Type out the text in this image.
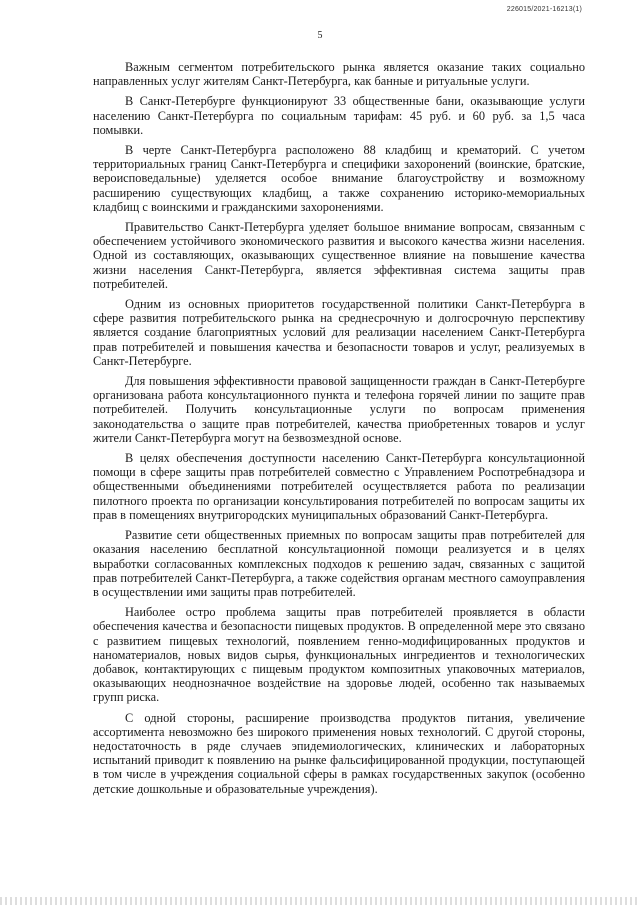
226015/2021-16213(1)
5

Важным сегментом потребительского рынка является оказание таких социально направленных услуг жителям Санкт-Петербурга, как банные и ритуальные услуги.

В Санкт-Петербурге функционируют 33 общественные бани, оказывающие услуги населению Санкт-Петербурга по социальным тарифам: 45 руб. и 60 руб. за 1,5 часа помывки.

В черте Санкт-Петербурга расположено 88 кладбищ и крематорий. С учетом территориальных границ Санкт-Петербурга и специфики захоронений (воинские, братские, вероисповедальные) уделяется особое внимание благоустройству и возможному расширению существующих кладбищ, а также сохранению историко-мемориальных кладбищ с воинскими и гражданскими захоронениями.

Правительство Санкт-Петербурга уделяет большое внимание вопросам, связанным с обеспечением устойчивого экономического развития и высокого качества жизни населения. Одной из составляющих, оказывающих существенное влияние на повышение качества жизни населения Санкт-Петербурга, является эффективная система защиты прав потребителей.

Одним из основных приоритетов государственной политики Санкт-Петербурга в сфере развития потребительского рынка на среднесрочную и долгосрочную перспективу является создание благоприятных условий для реализации населением Санкт-Петербурга прав потребителей и повышения качества и безопасности товаров и услуг, реализуемых в Санкт-Петербурге.

Для повышения эффективности правовой защищенности граждан в Санкт-Петербурге организована работа консультационного пункта и телефона горячей линии по защите прав потребителей. Получить консультационные услуги по вопросам применения законодательства о защите прав потребителей, качества приобретенных товаров и услуг жители Санкт-Петербурга могут на безвозмездной основе.

В целях обеспечения доступности населению Санкт-Петербурга консультационной помощи в сфере защиты прав потребителей совместно с Управлением Роспотребнадзора и общественными объединениями потребителей осуществляется работа по реализации пилотного проекта по организации консультирования потребителей по вопросам защиты их прав в помещениях внутригородских муниципальных образований Санкт-Петербурга.

Развитие сети общественных приемных по вопросам защиты прав потребителей для оказания населению бесплатной консультационной помощи реализуется и в целях выработки согласованных комплексных подходов к решению задач, связанных с защитой прав потребителей Санкт-Петербурга, а также содействия органам местного самоуправления в осуществлении ими защиты прав потребителей.

Наиболее остро проблема защиты прав потребителей проявляется в области обеспечения качества и безопасности пищевых продуктов. В определенной мере это связано с развитием пищевых технологий, появлением генно-модифицированных продуктов и наноматериалов, новых видов сырья, функциональных ингредиентов и технологических добавок, контактирующих с пищевым продуктом композитных упаковочных материалов, оказывающих неоднозначное воздействие на здоровье людей, особенно так называемых групп риска.

С одной стороны, расширение производства продуктов питания, увеличение ассортимента невозможно без широкого применения новых технологий. С другой стороны, недостаточность в ряде случаев эпидемиологических, клинических и лабораторных испытаний приводит к появлению на рынке фальсифицированной продукции, поступающей в том числе в учреждения социальной сферы в рамках государственных закупок (особенно детские дошкольные и образовательные учреждения).
